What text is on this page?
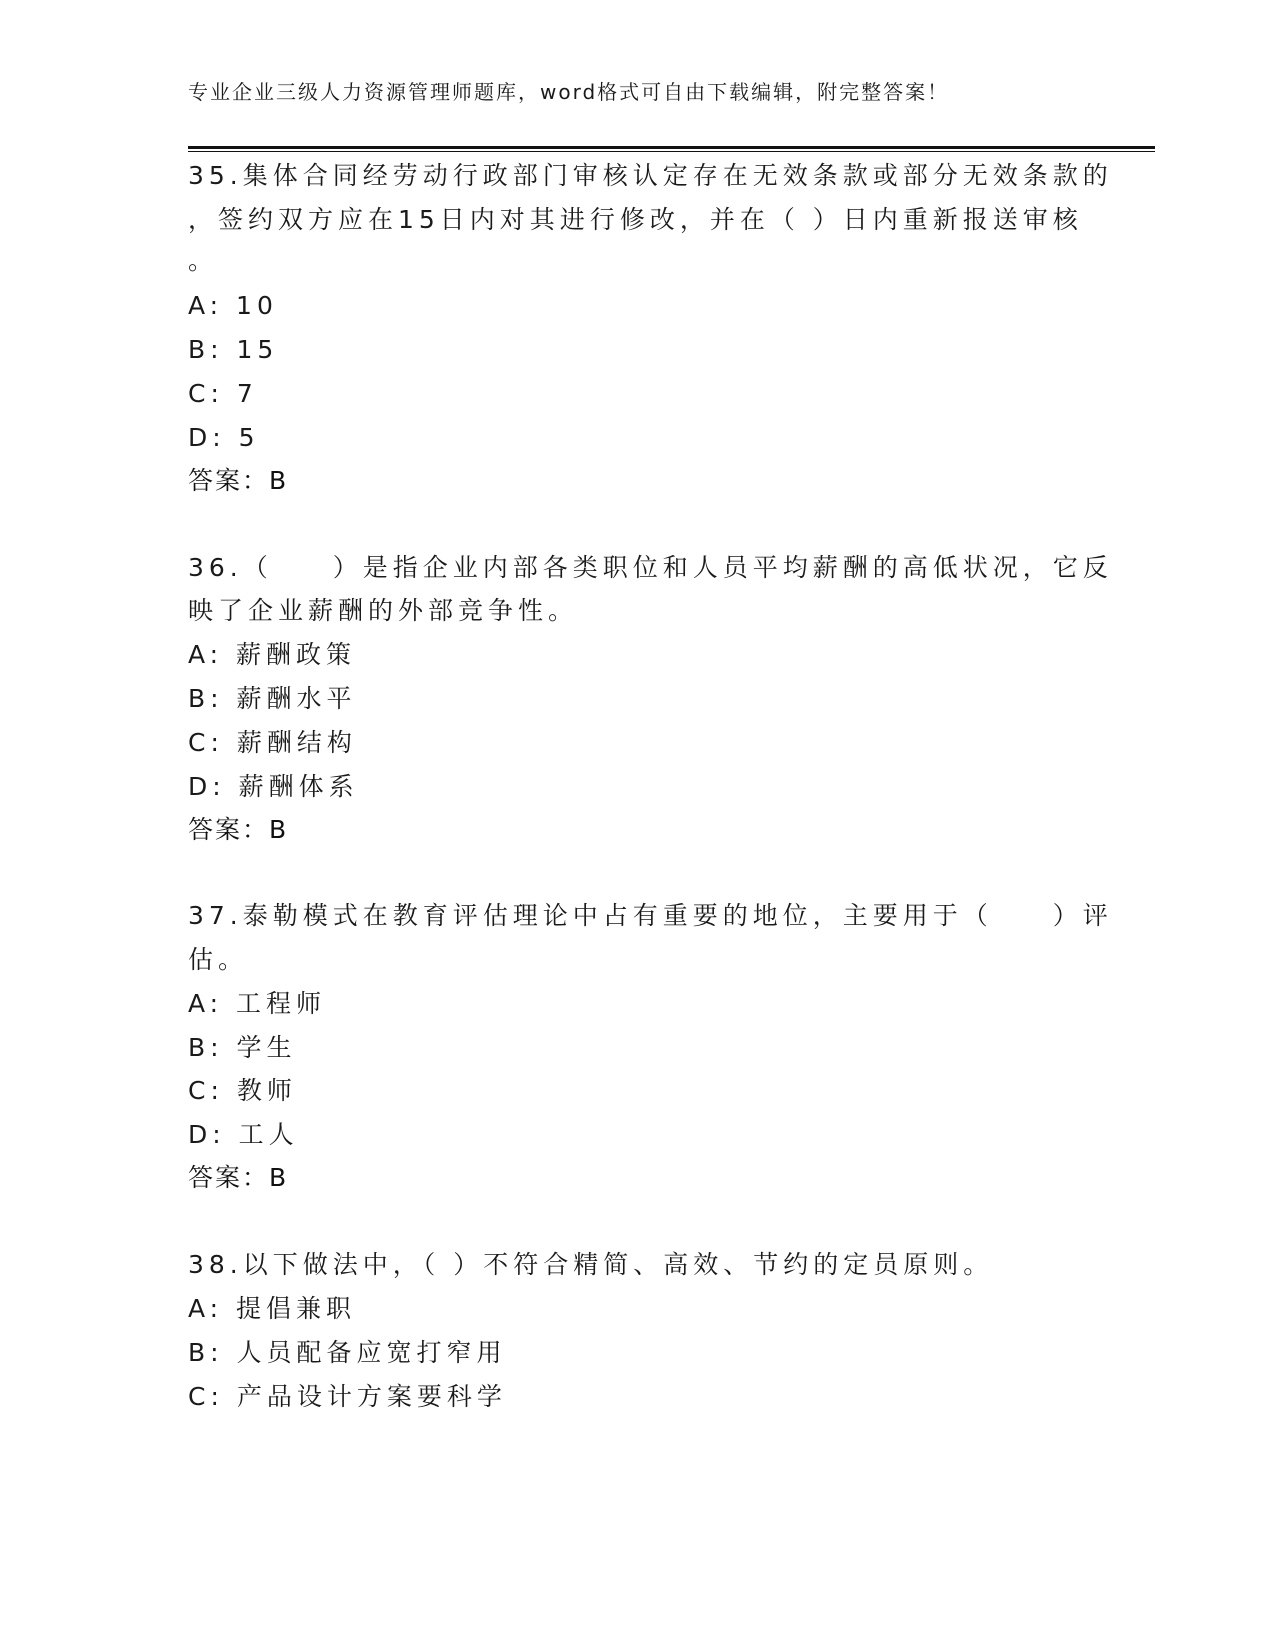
专业企业三级人力资源管理师题库，word格式可自由下载编辑，附完整答案！
35.集体合同经劳动行政部门审核认定存在无效条款或部分无效条款的
，签约双方应在15日内对其进行修改，并在（ ）日内重新报送审核
。
A: 10
B: 15
C: 7
D: 5
答案：B
36.（　　）是指企业内部各类职位和人员平均薪酬的高低状况，它反
映了企业薪酬的外部竞争性。
A: 薪酬政策
B: 薪酬水平
C: 薪酬结构
D: 薪酬体系
答案：B
37.泰勒模式在教育评估理论中占有重要的地位，主要用于（　　）评
估。
A: 工程师
B: 学生
C: 教师
D: 工人
答案：B
38.以下做法中，（ ）不符合精简、高效、节约的定员原则。
A: 提倡兼职
B: 人员配备应宽打窄用
C: 产品设计方案要科学
